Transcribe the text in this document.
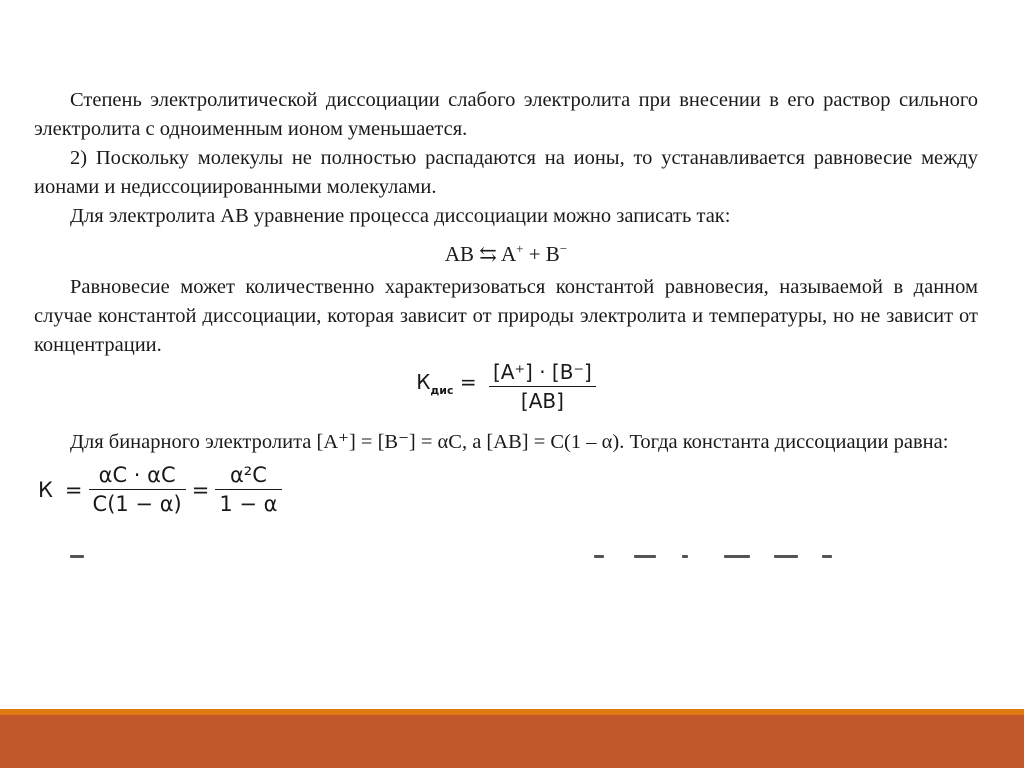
Степень электролитической диссоциации слабого электролита при внесении в его раствор сильного электролита с одноименным ионом уменьшается.

2) Поскольку молекулы не полностью распадаются на ионы, то устанавливается равновесие между ионами и недиссоциированными молекулами.

Для электролита АВ уравнение процесса диссоциации можно записать так:

AB ⇆ A+ + B−

Равновесие может количественно характеризоваться константой равновесия, называемой в данном случае константой диссоциации, которая зависит от природы электролита и температуры, но не зависит от концентрации.

$К_{дис} = \frac{[A^+] \cdot [B^-]}{[AB]}$

Для бинарного электролита [A⁺] = [B⁻] = αC, a [AB] = C(1 – α). Тогда константа диссоциации равна:

$К = \frac{\alpha C \cdot \alpha C}{C(1 - \alpha)} = \frac{\text{α²C}}{1 - \alpha}$
